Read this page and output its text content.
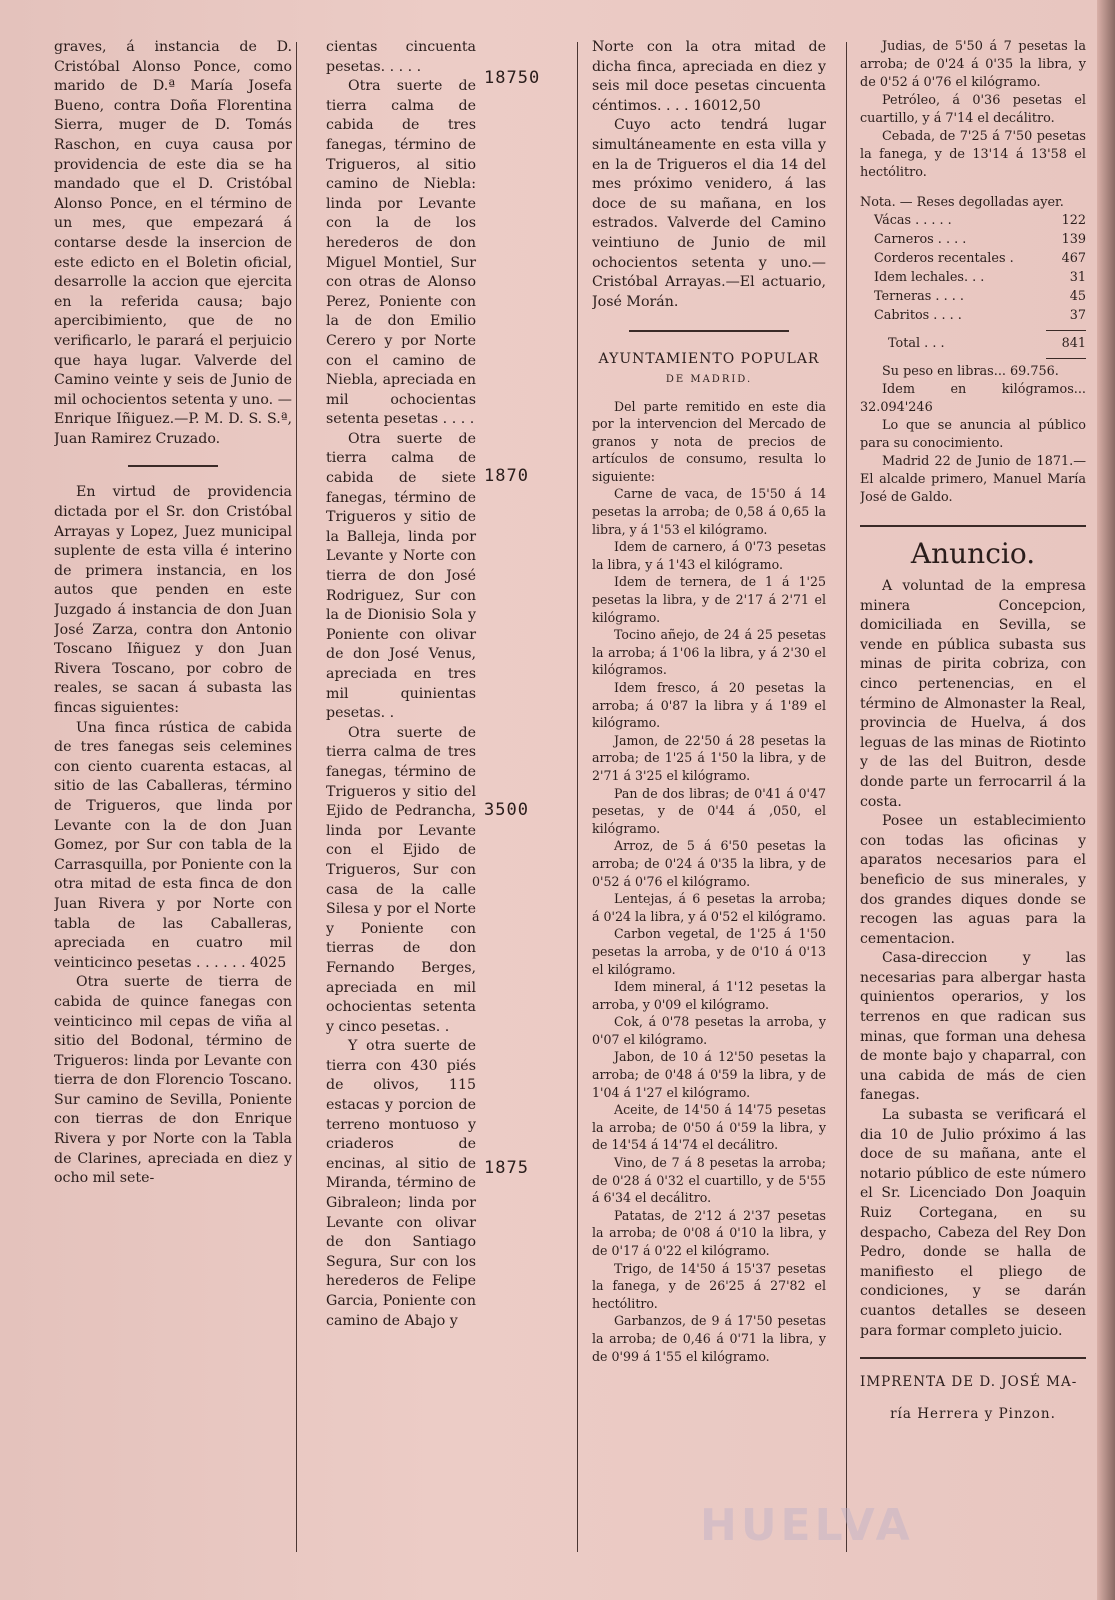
graves, á instancia de D. Cristóbal Alonso Ponce, como marido de D.ª María Josefa Bueno, contra Doña Florentina Sierra, muger de D. Tomás Raschon, en cuya causa por providencia de este dia se ha mandado que el D. Cristóbal Alonso Ponce, en el término de un mes, que empezará á contarse desde la insercion de este edicto en el Boletin oficial, desarrolle la accion que ejercita en la referida causa; bajo apercibimiento, que de no verificarlo, le parará el perjuicio que haya lugar. Valverde del Camino veinte y seis de Junio de mil ochocientos setenta y uno. —Enrique Iñiguez.—P. M. D. S. S.ª, Juan Ramirez Cruzado.

En virtud de providencia dictada por el Sr. don Cristóbal Arrayas y Lopez, Juez municipal suplente de esta villa é interino de primera instancia, en los autos que penden en este Juzgado á instancia de don Juan José Zarza, contra don Antonio Toscano Iñiguez y don Juan Rivera Toscano, por cobro de reales, se sacan á subasta las fincas siguientes:

Una finca rústica de cabida de tres fanegas seis celemines con ciento cuarenta estacas, al sitio de las Caballeras, término de Trigueros, que linda por Levante con la de don Juan Gomez, por Sur con tabla de la Carrasquilla, por Poniente con la otra mitad de esta finca de don Juan Rivera y por Norte con tabla de las Caballeras, apreciada en cuatro mil veinticinco pesetas . . . . . . 4025

Otra suerte de tierra de cabida de quince fanegas con veinticinco mil cepas de viña al sitio del Bodonal, término de Trigueros: linda por Levante con tierra de don Florencio Toscano. Sur camino de Sevilla, Poniente con tierras de don Enrique Rivera y por Norte con la Tabla de Clarines, apreciada en diez y ocho mil sete-

cientas cincuenta pesetas. . . . .

Otra suerte de tierra calma de cabida de tres fanegas, término de Trigueros, al sitio camino de Niebla: linda por Levante con la de los herederos de don Miguel Montiel, Sur con otras de Alonso Perez, Poniente con la de don Emilio Cerero y por Norte con el camino de Niebla, apreciada en mil ochocientas setenta pesetas . . . .

Otra suerte de tierra calma de cabida de siete fanegas, término de Trigueros y sitio de la Balleja, linda por Levante y Norte con tierra de don José Rodriguez, Sur con la de Dionisio Sola y Poniente con olivar de don José Venus, apreciada en tres mil quinientas pesetas. .

Otra suerte de tierra calma de tres fanegas, término de Trigueros y sitio del Ejido de Pedrancha, linda por Levante con el Ejido de Trigueros, Sur con casa de la calle Silesa y por el Norte y Poniente con tierras de don Fernando Berges, apreciada en mil ochocientas setenta y cinco pesetas. .

Y otra suerte de tierra con 430 piés de olivos, 115 estacas y porcion de terreno montuoso y criaderos de encinas, al sitio de Miranda, término de Gibraleon; linda por Levante con olivar de don Santiago Segura, Sur con los herederos de Felipe Garcia, Poniente con camino de Abajo y

18750
1870
3500
1875

Norte con la otra mitad de dicha finca, apreciada en diez y seis mil doce pesetas cincuenta céntimos. . . . 16012,50

Cuyo acto tendrá lugar simultáneamente en esta villa y en la de Trigueros el dia 14 del mes próximo venidero, á las doce de su mañana, en los estrados. Valverde del Camino veintiuno de Junio de mil ochocientos setenta y uno.—Cristóbal Arrayas.—El actuario, José Morán.

AYUNTAMIENTO POPULAR
DE MADRID.

Del parte remitido en este dia por la intervencion del Mercado de granos y nota de precios de artículos de consumo, resulta lo siguiente:

Carne de vaca, de 15'50 á 14 pesetas la arroba; de 0,58 á 0,65 la libra, y á 1'53 el kilógramo.

Idem de carnero, á 0'73 pesetas la libra, y á 1'43 el kilógramo.

Idem de ternera, de 1 á 1'25 pesetas la libra, y de 2'17 á 2'71 el kilógramo.

Tocino añejo, de 24 á 25 pesetas la arroba; á 1'06 la libra, y á 2'30 el kilógramos.

Idem fresco, á 20 pesetas la arroba; á 0'87 la libra y á 1'89 el kilógramo.

Jamon, de 22'50 á 28 pesetas la arroba; de 1'25 á 1'50 la libra, y de 2'71 á 3'25 el kilógramo.

Pan de dos libras; de 0'41 á 0'47 pesetas, y de 0'44 á ,050, el kilógramo.

Arroz, de 5 á 6'50 pesetas la arroba; de 0'24 á 0'35 la libra, y de 0'52 á 0'76 el kilógramo.

Lentejas, á 6 pesetas la arroba; á 0'24 la libra, y á 0'52 el kilógramo.

Carbon vegetal, de 1'25 á 1'50 pesetas la arroba, y de 0'10 á 0'13 el kilógramo.

Idem mineral, á 1'12 pesetas la arroba, y 0'09 el kilógramo.

Cok, á 0'78 pesetas la arroba, y 0'07 el kilógramo.

Jabon, de 10 á 12'50 pesetas la arroba; de 0'48 á 0'59 la libra, y de 1'04 á 1'27 el kilógramo.

Aceite, de 14'50 á 14'75 pesetas la arroba; de 0'50 á 0'59 la libra, y de 14'54 á 14'74 el decálitro.

Vino, de 7 á 8 pesetas la arroba; de 0'28 á 0'32 el cuartillo, y de 5'55 á 6'34 el decálitro.

Patatas, de 2'12 á 2'37 pesetas la arroba; de 0'08 á 0'10 la libra, y de 0'17 á 0'22 el kilógramo.

Trigo, de 14'50 á 15'37 pesetas la fanega, y de 26'25 á 27'82 el hectólitro.

Garbanzos, de 9 á 17'50 pesetas la arroba; de 0,46 á 0'71 la libra, y de 0'99 á 1'55 el kilógramo.

Judias, de 5'50 á 7 pesetas la arroba; de 0'24 á 0'35 la libra, y de 0'52 á 0'76 el kilógramo.

Petróleo, á 0'36 pesetas el cuartillo, y á 7'14 el decálitro.

Cebada, de 7'25 á 7'50 pesetas la fanega, y de 13'14 á 13'58 el hectólitro.

Nota. — Reses degolladas ayer.

Vácas . . . . .	122
Carneros . . . .	139
Corderos recentales .	467
Idem lechales. . .	31
Terneras . . . .	45
Cabritos . . . .	37
Total . . .	841

Su peso en libras... 69.756.

Idem en kilógramos... 32.094'246

Lo que se anuncia al público para su conocimiento.

Madrid 22 de Junio de 1871.—El alcalde primero, Manuel María José de Galdo.

Anuncio.

A voluntad de la empresa minera Concepcion, domiciliada en Sevilla, se vende en pública subasta sus minas de pirita cobriza, con cinco pertenencias, en el término de Almonaster la Real, provincia de Huelva, á dos leguas de las minas de Riotinto y de las del Buitron, desde donde parte un ferrocarril á la costa.

Posee un establecimiento con todas las oficinas y aparatos necesarios para el beneficio de sus minerales, y dos grandes diques donde se recogen las aguas para la cementacion.

Casa-direccion y las necesarias para albergar hasta quinientos operarios, y los terrenos en que radican sus minas, que forman una dehesa de monte bajo y chaparral, con una cabida de más de cien fanegas.

La subasta se verificará el dia 10 de Julio próximo á las doce de su mañana, ante el notario público de este número el Sr. Licenciado Don Joaquin Ruiz Cortegana, en su despacho, Cabeza del Rey Don Pedro, donde se halla de manifiesto el pliego de condiciones, y se darán cuantos detalles se deseen para formar completo juicio.

IMPRENTA DE D. JOSÉ MA-
ría Herrera y Pinzon.
HUELVA
